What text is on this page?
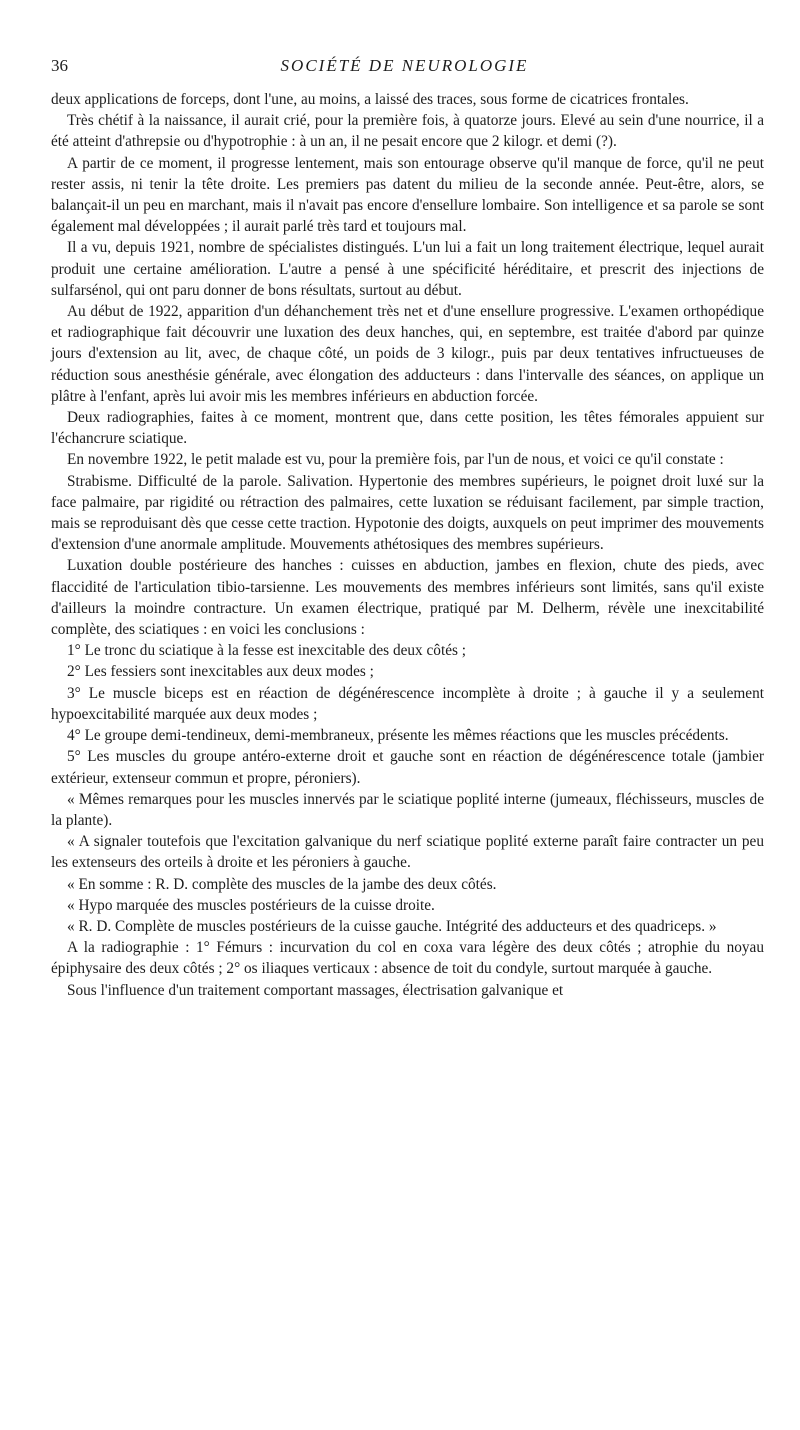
36	SOCIÉTÉ DE NEUROLOGIE

deux applications de forceps, dont l'une, au moins, a laissé des traces, sous forme de cicatrices frontales.

Très chétif à la naissance, il aurait crié, pour la première fois, à quatorze jours. Elevé au sein d'une nourrice, il a été atteint d'athrepsie ou d'hypotrophie : à un an, il ne pesait encore que 2 kilogr. et demi (?).

A partir de ce moment, il progresse lentement, mais son entourage observe qu'il manque de force, qu'il ne peut rester assis, ni tenir la tête droite. Les premiers pas datent du milieu de la seconde année. Peut-être, alors, se balançait-il un peu en marchant, mais il n'avait pas encore d'ensellure lombaire. Son intelligence et sa parole se sont également mal développées ; il aurait parlé très tard et toujours mal.

Il a vu, depuis 1921, nombre de spécialistes distingués. L'un lui a fait un long traitement électrique, lequel aurait produit une certaine amélioration. L'autre a pensé à une spécificité héréditaire, et prescrit des injections de sulfarsénol, qui ont paru donner de bons résultats, surtout au début.

Au début de 1922, apparition d'un déhanchement très net et d'une ensellure progressive. L'examen orthopédique et radiographique fait découvrir une luxation des deux hanches, qui, en septembre, est traitée d'abord par quinze jours d'extension au lit, avec, de chaque côté, un poids de 3 kilogr., puis par deux tentatives infructueuses de réduction sous anesthésie générale, avec élongation des adducteurs : dans l'intervalle des séances, on applique un plâtre à l'enfant, après lui avoir mis les membres inférieurs en abduction forcée.

Deux radiographies, faites à ce moment, montrent que, dans cette position, les têtes fémorales appuient sur l'échancrure sciatique.

En novembre 1922, le petit malade est vu, pour la première fois, par l'un de nous, et voici ce qu'il constate :

Strabisme. Difficulté de la parole. Salivation. Hypertonie des membres supérieurs, le poignet droit luxé sur la face palmaire, par rigidité ou rétraction des palmaires, cette luxation se réduisant facilement, par simple traction, mais se reproduisant dès que cesse cette traction. Hypotonie des doigts, auxquels on peut imprimer des mouvements d'extension d'une anormale amplitude. Mouvements athétosiques des membres supérieurs.

Luxation double postérieure des hanches : cuisses en abduction, jambes en flexion, chute des pieds, avec flaccidité de l'articulation tibio-tarsienne. Les mouvements des membres inférieurs sont limités, sans qu'il existe d'ailleurs la moindre contracture. Un examen électrique, pratiqué par M. Delherm, révèle une inexcitabilité complète, des sciatiques : en voici les conclusions :

1° Le tronc du sciatique à la fesse est inexcitable des deux côtés ;

2° Les fessiers sont inexcitables aux deux modes ;

3° Le muscle biceps est en réaction de dégénérescence incomplète à droite ; à gauche il y a seulement hypoexcitabilité marquée aux deux modes ;

4° Le groupe demi-tendineux, demi-membraneux, présente les mêmes réactions que les muscles précédents.

5° Les muscles du groupe antéro-externe droit et gauche sont en réaction de dégénérescence totale (jambier extérieur, extenseur commun et propre, péroniers).

« Mêmes remarques pour les muscles innervés par le sciatique poplité interne (jumeaux, fléchisseurs, muscles de la plante).

« A signaler toutefois que l'excitation galvanique du nerf sciatique poplité externe paraît faire contracter un peu les extenseurs des orteils à droite et les péroniers à gauche.

« En somme : R. D. complète des muscles de la jambe des deux côtés.

« Hypo marquée des muscles postérieurs de la cuisse droite.

« R. D. Complète de muscles postérieurs de la cuisse gauche. Intégrité des adducteurs et des quadriceps. »

A la radiographie : 1° Fémurs : incurvation du col en coxa vara légère des deux côtés ; atrophie du noyau épiphysaire des deux côtés ; 2° os iliaques verticaux : absence de toit du condyle, surtout marquée à gauche.

Sous l'influence d'un traitement comportant massages, électrisation galvanique et
